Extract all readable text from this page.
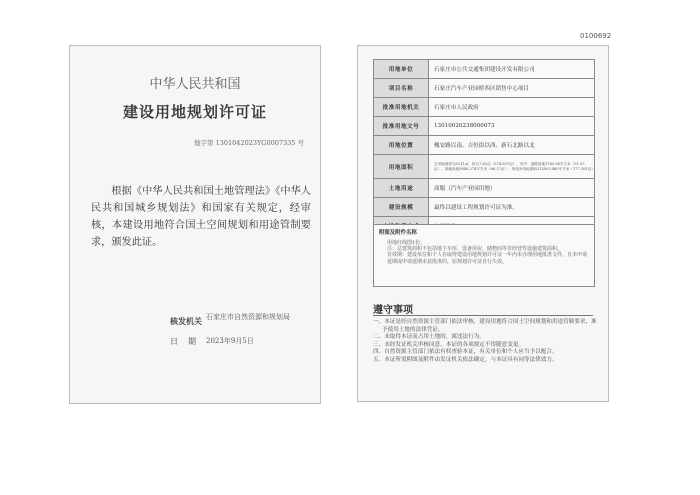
0100692
中华人民共和国
建设用地规划许可证
地字第 1301042023YG0007335 号
根据《中华人民共和国土地管理法》《中华人民共和国城乡规划法》和国家有关规定，经审核，本建设用地符合国土空间规划和用途管制要求，颁发此证。
核发机关 石家庄市自然资源和规划局
日期 2023年9月5日
用地单位	石家庄市公共交通集团建设开发有限公司
项目名称	石家庄汽车产业园桥西区销售中心项目
批准用地机关	石家庄市人民政府
批准用地文号	13010020238000073
用地位置	槐安路以南、吉恒街以西、新石北路以北
用地面积	总用地面积为5211㎡，折合7.82亩（274.507亩），其中：道路用地3763.56平方米（31.03亩），绿地用地9840.274平方米（66.27亩），规划净用地面积213503.460平方米（177.161亩）

土地用途	商服（汽车产业园用地）
建设规模	最终以建设工程规划许可证为准。

附图及附件名称

用地红线图1份。

注：总建筑面积不包括地下车库、设备用房、储物间等非经营性设施建筑面积。

有效期：建设单位和个人在取得建设用地规划许可证一年内未办理用地批准文件，且未申请延期或申请延期未获批准的，原规划许可证自行失效。

遵守事项
一、本证是经自然资源主管部门依法审核，建设用地符合国土空间规划和用途管制要求，准予使用土地的法律凭证。
二、未取得本证而占用土地的，属违法行为。
三、未经发证机关审核同意，本证的各项规定不得随意变更。
四、自然资源主管部门依法有权查验本证，有关单位和个人应当予以配合。
五、本证所需附图及附件由发证机关依法确定，与本证具有同等法律效力。
